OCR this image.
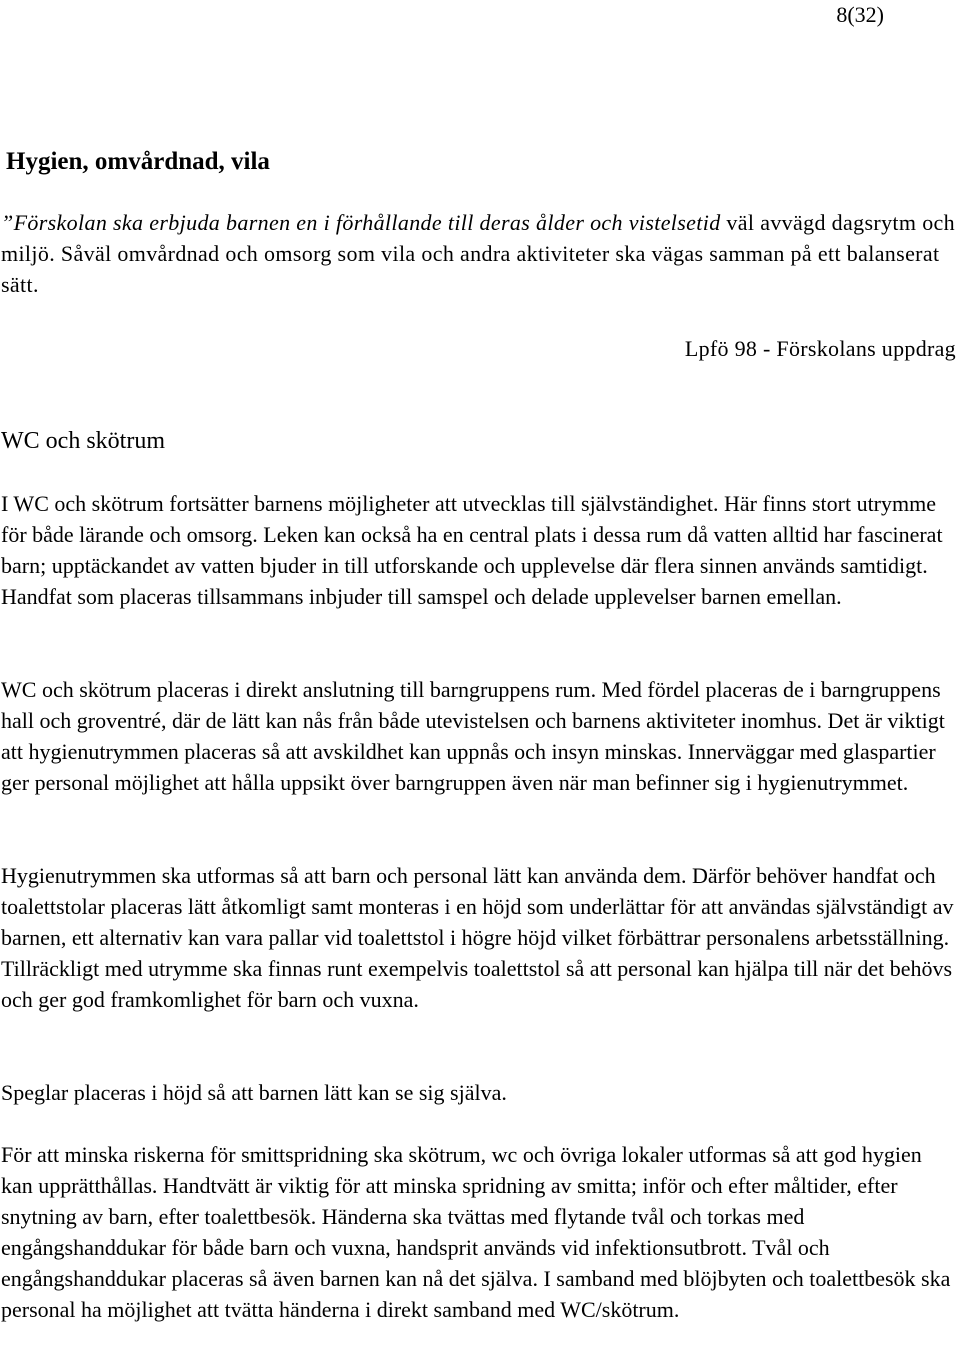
8(32)
Hygien, omvårdnad, vila
”Förskolan ska erbjuda barnen en i förhållande till deras ålder och vistelsetid väl avvägd dagsrytm och miljö. Såväl omvårdnad och omsorg som vila och andra aktiviteter ska vägas samman på ett balanserat sätt.
Lpfö 98 - Förskolans uppdrag
WC och skötrum

I WC och skötrum fortsätter barnens möjligheter att utvecklas till självständighet. Här finns stort utrymme för både lärande och omsorg. Leken kan också ha en central plats i dessa rum då vatten alltid har fascinerat barn; upptäckandet av vatten bjuder in till utforskande och upplevelse där flera sinnen används samtidigt. Handfat som placeras tillsammans inbjuder till samspel och delade upplevelser barnen emellan.

WC och skötrum placeras i direkt anslutning till barngruppens rum. Med fördel placeras de i barngruppens hall och groventré, där de lätt kan nås från både utevistelsen och barnens aktiviteter inomhus. Det är viktigt att hygienutrymmen placeras så att avskildhet kan uppnås och insyn minskas. Innerväggar med glaspartier ger personal möjlighet att hålla uppsikt över barngruppen även när man befinner sig i hygienutrymmet.

Hygienutrymmen ska utformas så att barn och personal lätt kan använda dem. Därför behöver handfat och toalettstolar placeras lätt åtkomligt samt monteras i en höjd som underlättar för att användas självständigt av barnen, ett alternativ kan vara pallar vid toalettstol i högre höjd vilket förbättrar personalens arbetsställning. Tillräckligt med utrymme ska finnas runt exempelvis toalettstol så att personal kan hjälpa till när det behövs och ger god framkomlighet för barn och vuxna.

Speglar placeras i höjd så att barnen lätt kan se sig själva.

För att minska riskerna för smittspridning ska skötrum, wc och övriga lokaler utformas så att god hygien kan upprätthållas. Handtvätt är viktig för att minska spridning av smitta; inför och efter måltider, efter snytning av barn, efter toalettbesök. Händerna ska tvättas med flytande tvål och torkas med engångshanddukar för både barn och vuxna, handsprit används vid infektionsutbrott. Tvål och engångshanddukar placeras så även barnen kan nå det själva. I samband med blöjbyten och toalettbesök ska personal ha möjlighet att tvätta händerna i direkt samband med WC/skötrum.
